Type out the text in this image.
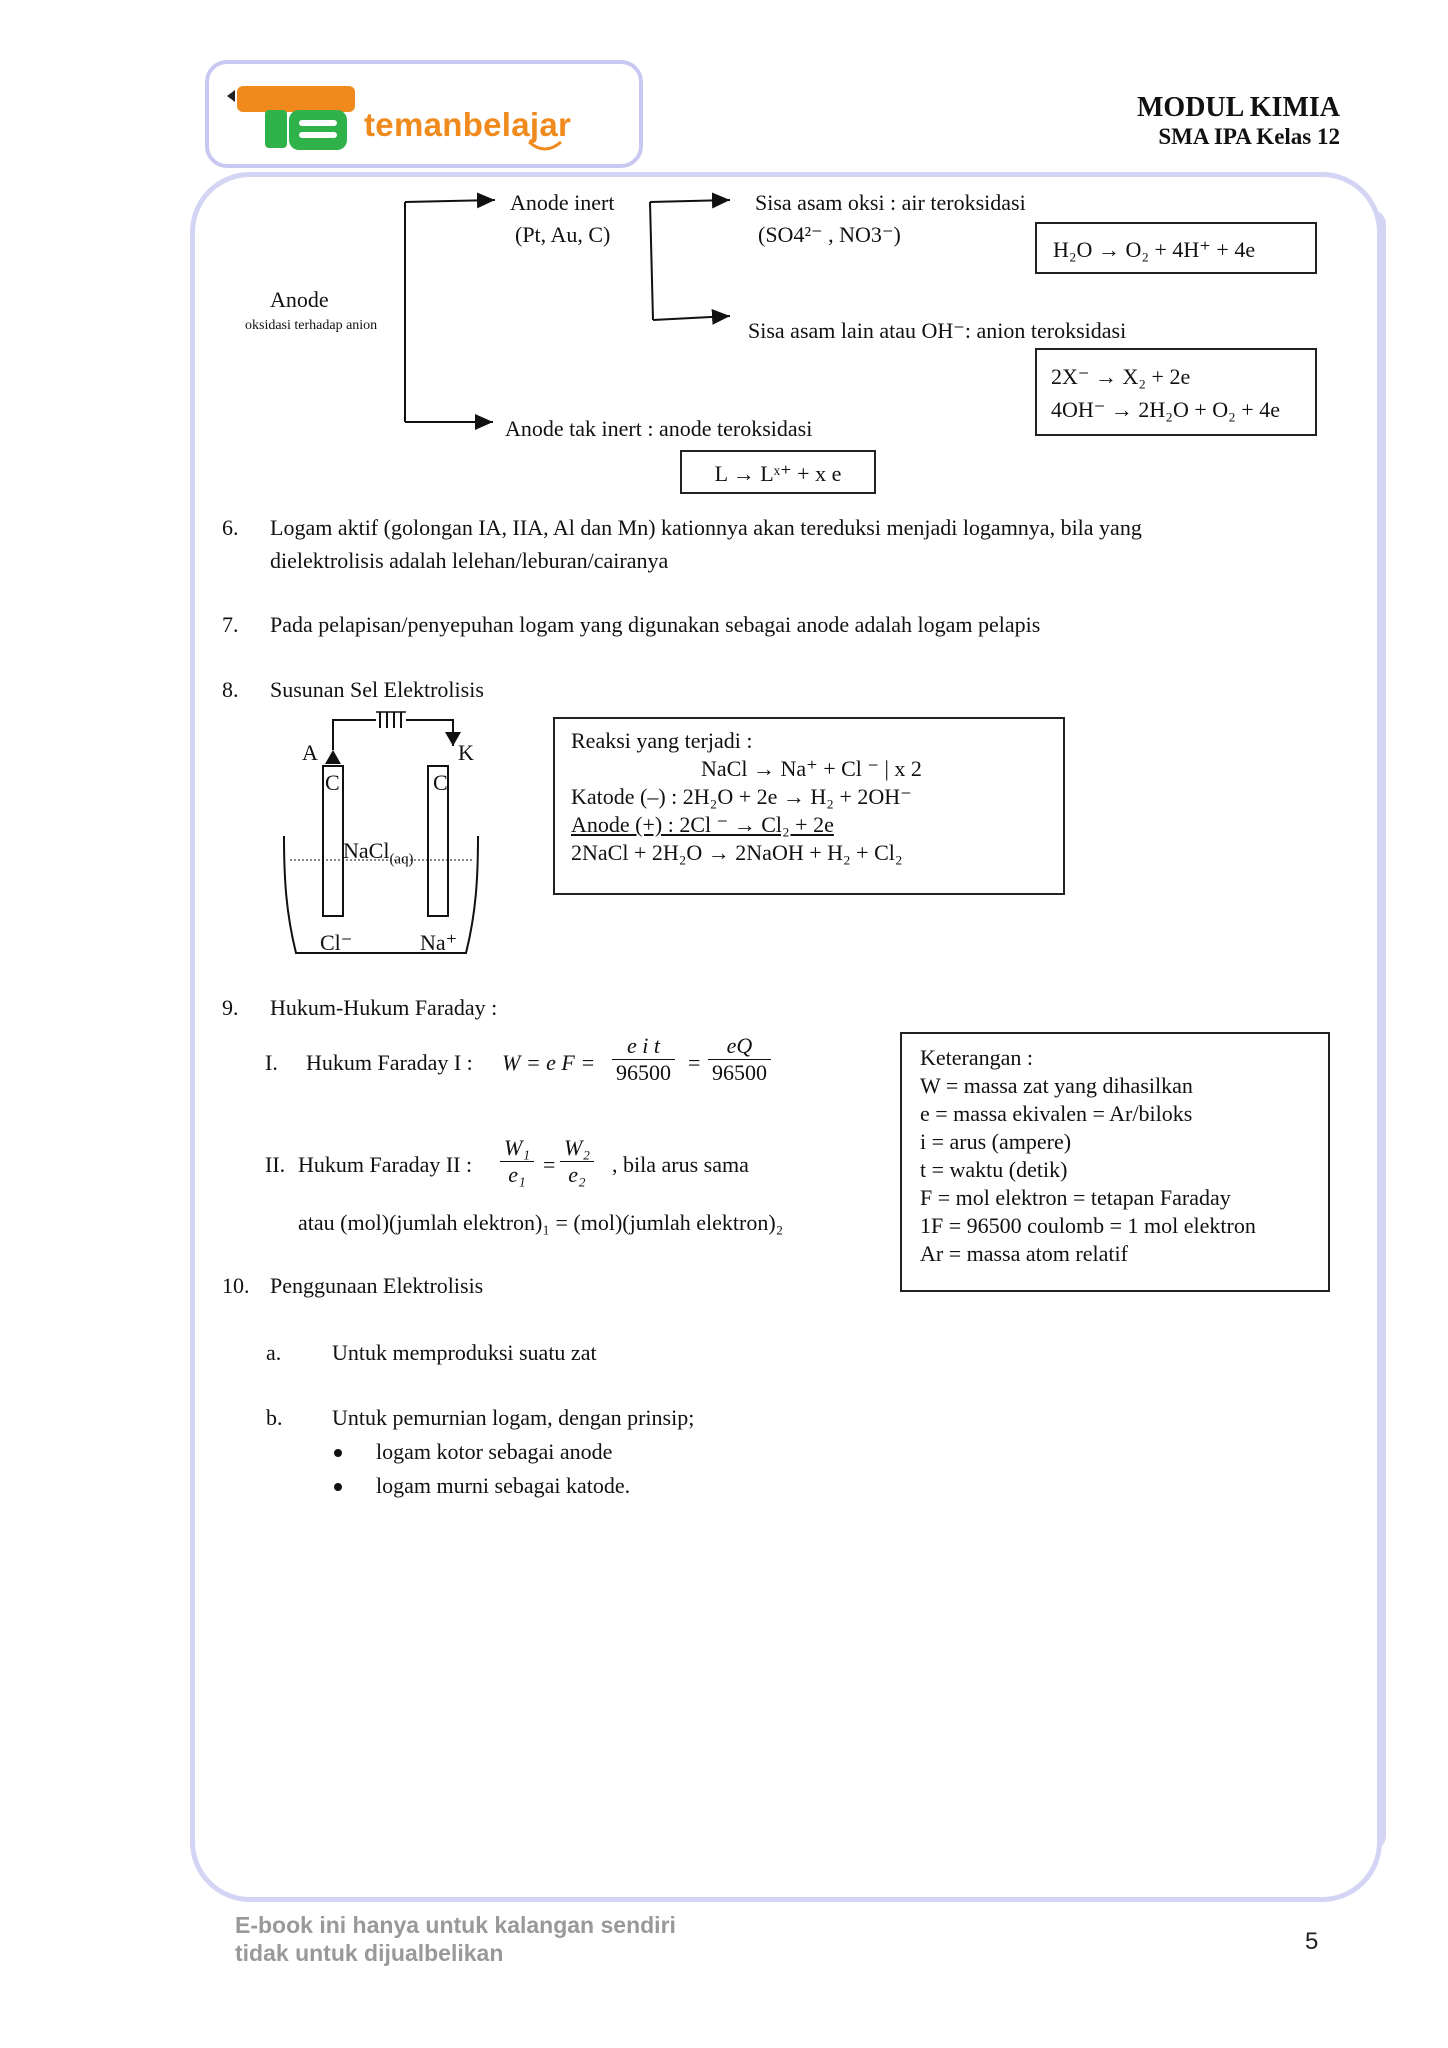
temanbelajar	MODUL KIMIA
SMA IPA Kelas 12
Anode
oksidasi terhadap anion
Anode inert
(Pt, Au, C)
Sisa asam oksi : air teroksidasi
(SO4²⁻ , NO3⁻)
H₂O → O₂ + 4H⁺ + 4e
Sisa asam lain atau OH⁻: anion teroksidasi
2X⁻ → X₂ + 2e
4OH⁻ → 2H₂O + O₂ + 4e
Anode tak inert : anode teroksidasi
L → Lˣ⁺ + x e
6. Logam aktif (golongan IA, IIA, Al dan Mn) kationnya akan tereduksi menjadi logamnya, bila yang
dielektrolisis adalah lelehan/leburan/cairanya
7. Pada pelapisan/penyepuhan logam yang digunakan sebagai anode adalah logam pelapis
8. Susunan Sel Elektrolisis
A	K
C	C
NaCl$_{(aq)}$
Cl⁻	Na⁺
Reaksi yang terjadi :
NaCl → Na⁺ + Cl ⁻ | x 2
Katode (–) : 2H₂O + 2e → H₂ + 2OH⁻
Anode (+) : 2Cl ⁻ → Cl₂ + 2e
2NaCl + 2H₂O → 2NaOH + H₂ + Cl₂
9. Hukum-Hukum Faraday :
I. Hukum Faraday I : W = e $F = \frac{\text{e i t}}{96500} = \frac{eQ}{96500}$
II. Hukum Faraday II : $\frac{\text{W₁}}{\text{e₁}} = \frac{\text{W₂}}{\text{e₂}}$ , bila arus sama
atau (mol)(jumlah elektron)₁ = (mol)(jumlah elektron)₂
Keterangan :
W = massa zat yang dihasilkan
e = massa ekivalen = Ar/biloks
i = arus (ampere)
t = waktu (detik)
F = mol elektron = tetapan Faraday
1F = 96500 coulomb = 1 mol elektron
Ar = massa atom relatif
10. Penggunaan Elektrolisis
a. Untuk memproduksi suatu zat
b. Untuk pemurnian logam, dengan prinsip;
logam kotor sebagai anode
logam murni sebagai katode.
E-book ini hanya untuk kalangan sendiri
tidak untuk dijualbelikan	5
